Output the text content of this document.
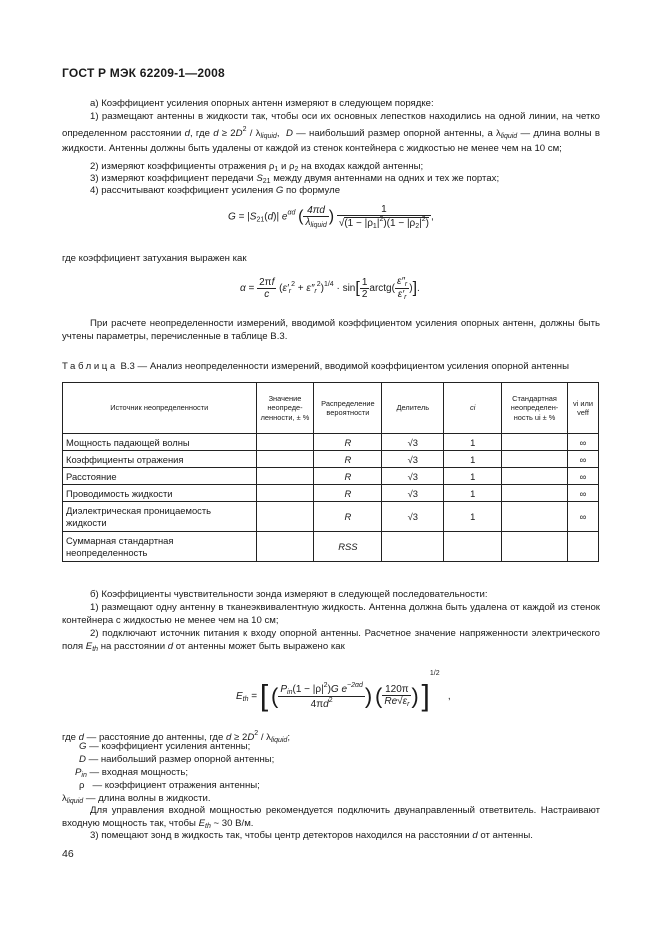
ГОСТ Р МЭК 62209-1—2008
а) Коэффициент усиления опорных антенн измеряют в следующем порядке:
1) размещают антенны в жидкости так, чтобы оси их основных лепестков находились на одной линии, на четко определенном расстоянии d, где $d \ge 2D^2 / \lambda_{liquid}$,  D — наибольший размер опорной антенны, а $\lambda_{liquid}$ — длина волны в жидкости. Антенны должны быть удалены от каждой из стенок контейнера с жидкостью не менее чем на 10 см;
2) измеряют коэффициенты отражения $\rho_1$ и $\rho_2$ на входах каждой антенны;
3) измеряют коэффициент передачи $S_{21}$ между двумя антеннами на одних и тех же портах;
4) рассчитывают коэффициент усиления G по формуле
$G = |S_{21}(d)|$ $e^{\alpha d}$ ( $\frac{4\pi d}{\lambda_{liquid}}$ ) $\frac{1}{√(1 - |\rho_1|^2)(1 - |\rho_2|^2)}$ ,
где коэффициент затухания выражен как
$\alpha = \frac{2\pi f}{c} (\varepsilon'_r^2 + \varepsilon''_r^2)^{1/4} \cdot \sin[ \frac{1}{2}$ arctg( $\frac{\varepsilon''_r}{\varepsilon'_r}$ )].
При расчете неопределенности измерений, вводимой коэффициентом усиления опорных антенн, должны быть учтены параметры, перечисленные в таблице В.3.
Таблица В.3 — Анализ неопределенности измерений, вводимой коэффициентом усиления опорной антенны
Источник неопределенности	Значение неопреде-ленности, ± %	Распределение вероятности	Делитель	ci	Стандартная неопределен-ность ui ± %	vi или veff
Мощность падающей волны		R	√3	1		∞
Коэффициенты отражения		R	√3	1		∞
Расстояние		R	√3	1		∞
Проводимость жидкости		R	√3	1		∞
Диэлектрическая проницаемость жидкости		R	√3	1		∞
Суммарная стандартная неопределенность		RSS				
б) Коэффициенты чувствительности зонда измеряют в следующей последовательности:
1) размещают одну антенну в тканеэквивалентную жидкость. Антенна должна быть удалена от каждой из стенок контейнера с жидкостью не менее чем на 10 см;
2) подключают источник питания к входу опорной антенны. Расчетное значение напряженности электрического поля $E_{th}$ на расстоянии d от антенны может быть выражено как
$E_{th}$ = [ ( $\frac{P_{in}(1 - |\rho|^2)G e^{-2\alpha d}}{4\pi d^2}$ ) ( $\frac{120\pi}{Re√\varepsilon_r}$ ) ]$^{1/2}$   ,
где d — расстояние до антенны, где $d \ge 2D^2 / \lambda_{liquid}$;
G — коэффициент усиления антенны;
D — наибольший размер опорной антенны;
$P_{in}$ — входная мощность;
ρ   — коэффициент отражения антенны;
$\lambda_{liquid}$ — длина волны в жидкости.
Для управления входной мощностью рекомендуется подключить двунаправленный ответвитель. Настраивают входную мощность так, чтобы $E_{th}$ ~ 30 В/м.
3) помещают зонд в жидкость так, чтобы центр детекторов находился на расстоянии d от антенны.
46
